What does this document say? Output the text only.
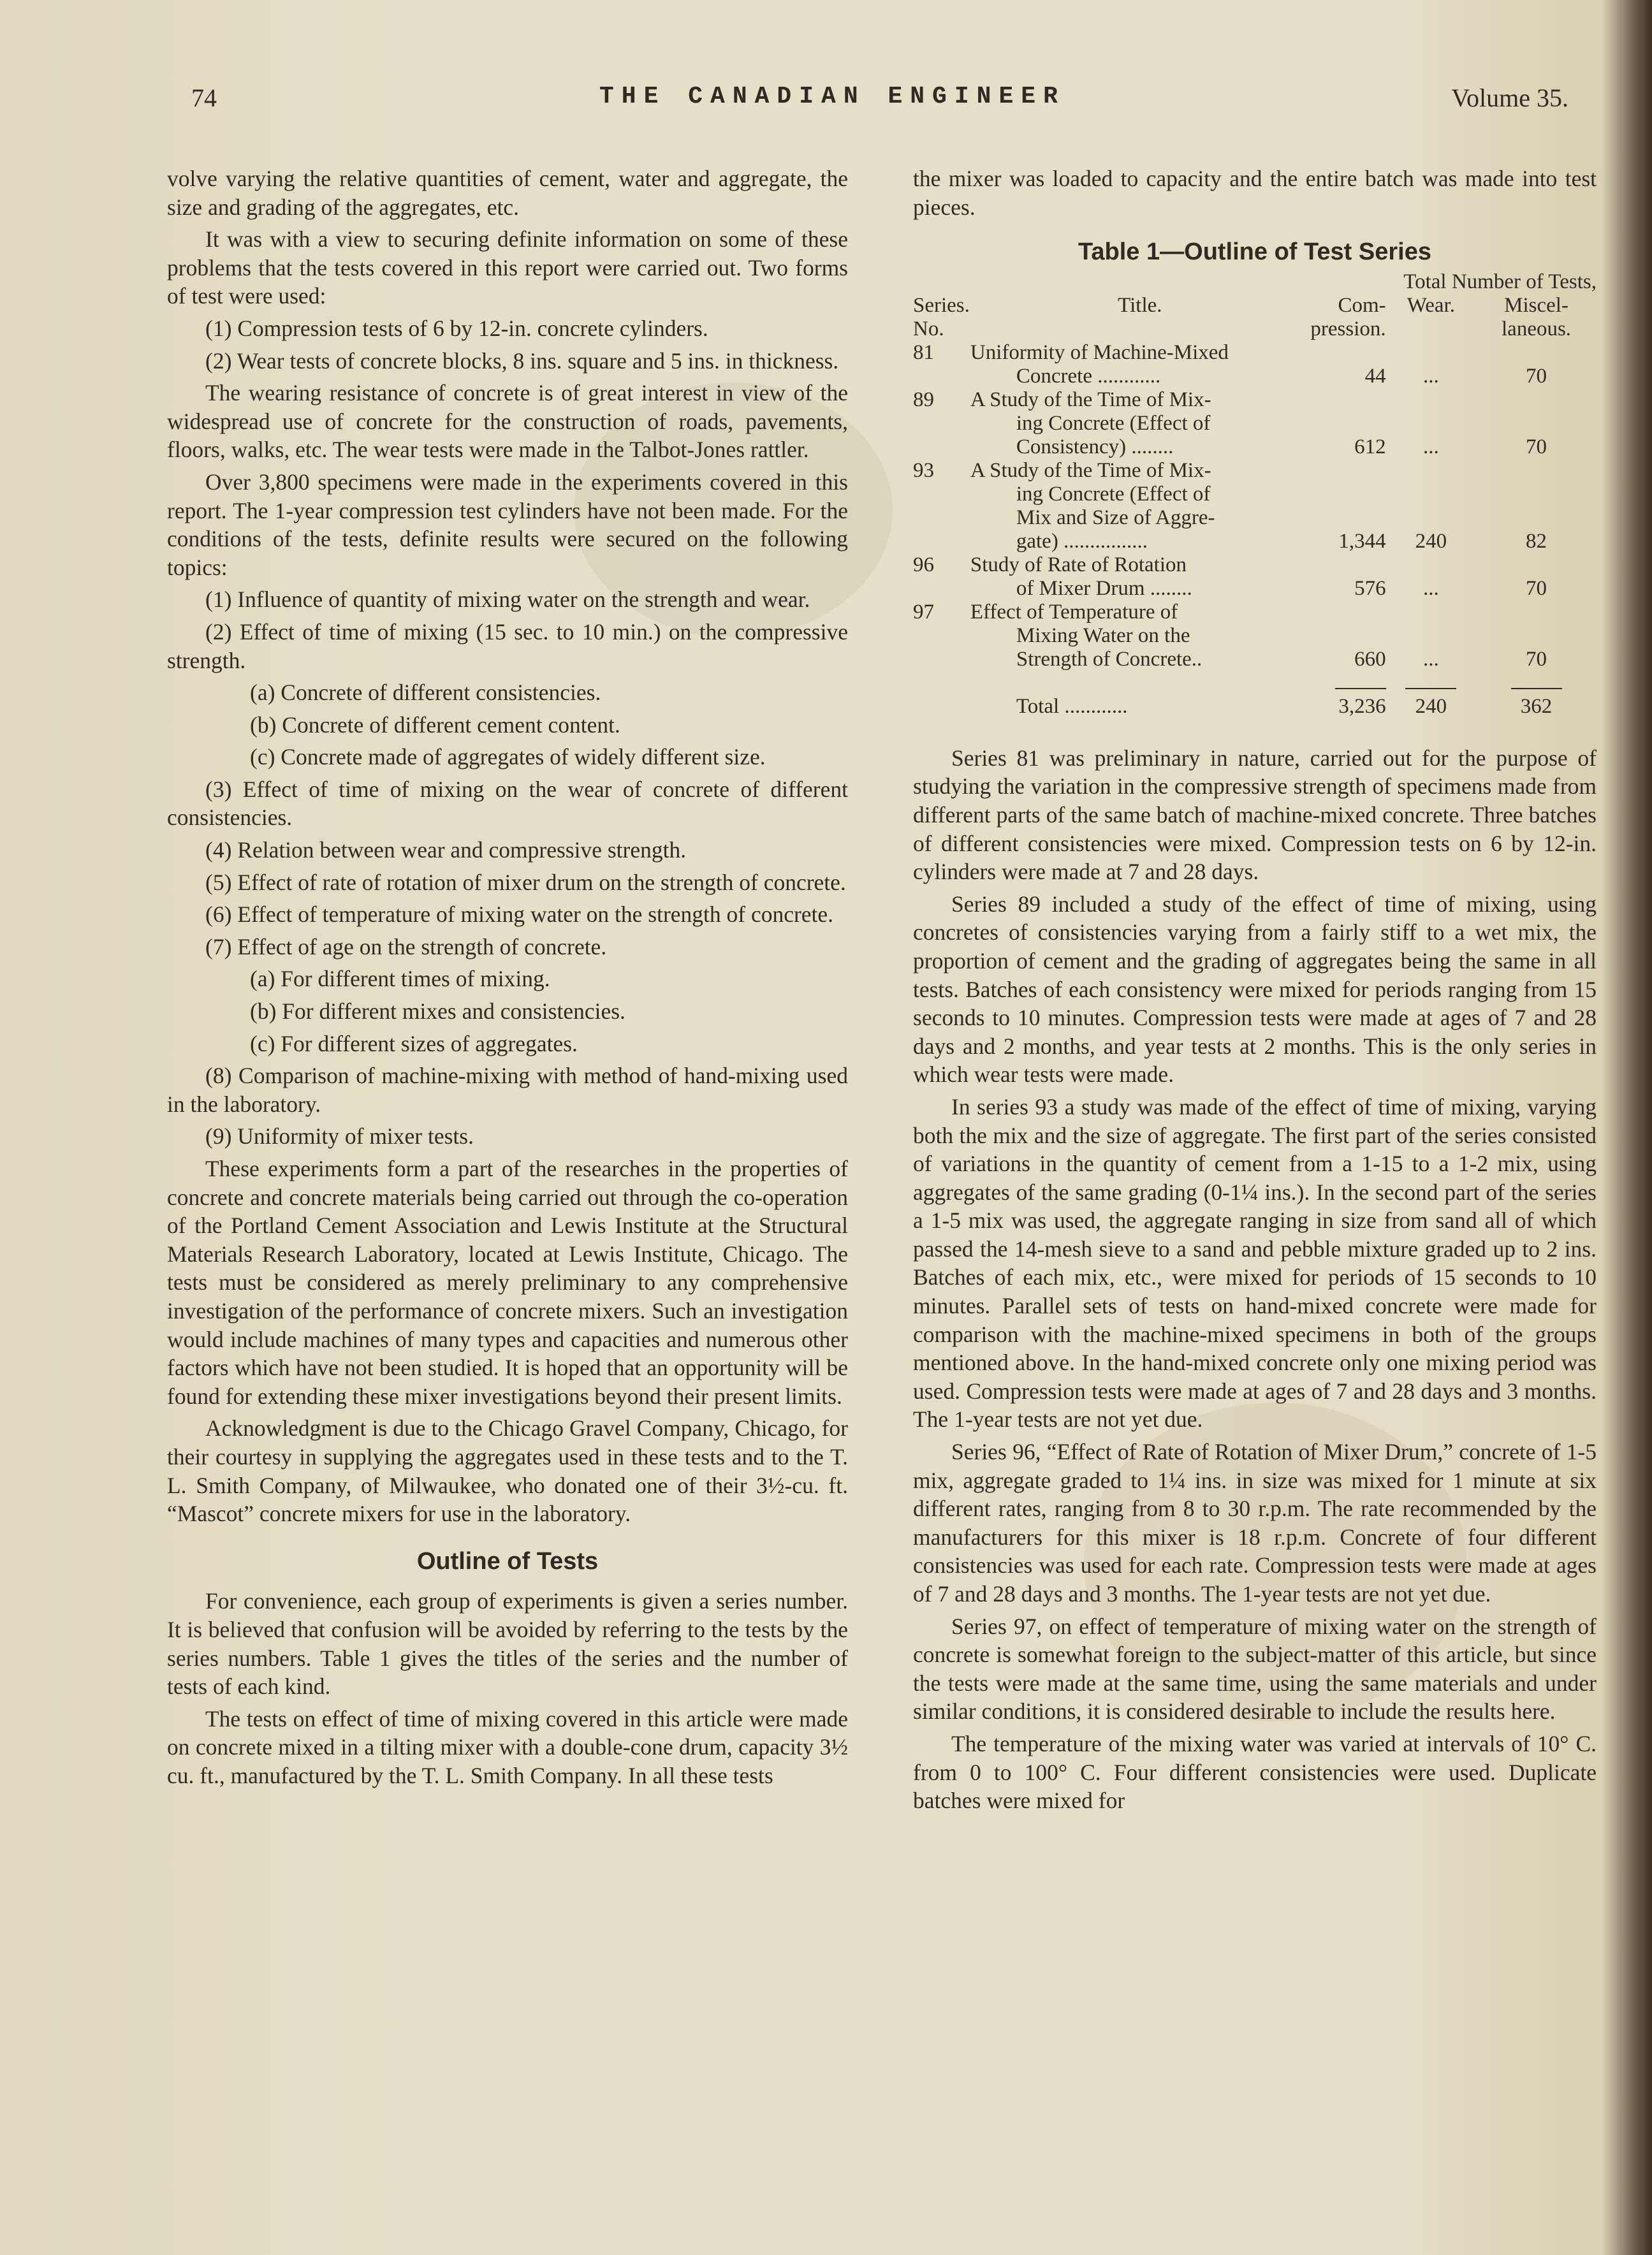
74	THE CANADIAN ENGINEER	Volume 35.

volve varying the relative quantities of cement, water and aggregate, the size and grading of the aggregates, etc.

It was with a view to securing definite information on some of these problems that the tests covered in this report were carried out. Two forms of test were used:

(1) Compression tests of 6 by 12-in. concrete cylinders.

(2) Wear tests of concrete blocks, 8 ins. square and 5 ins. in thickness.

The wearing resistance of concrete is of great interest in view of the widespread use of concrete for the construction of roads, pavements, floors, walks, etc. The wear tests were made in the Talbot-Jones rattler.

Over 3,800 specimens were made in the experiments covered in this report. The 1-year compression test cylinders have not been made. For the conditions of the tests, definite results were secured on the following topics:

(1) Influence of quantity of mixing water on the strength and wear.

(2) Effect of time of mixing (15 sec. to 10 min.) on the compressive strength.

(a) Concrete of different consistencies.

(b) Concrete of different cement content.

(c) Concrete made of aggregates of widely different size.

(3) Effect of time of mixing on the wear of concrete of different consistencies.

(4) Relation between wear and compressive strength.

(5) Effect of rate of rotation of mixer drum on the strength of concrete.

(6) Effect of temperature of mixing water on the strength of concrete.

(7) Effect of age on the strength of concrete.

(a) For different times of mixing.

(b) For different mixes and consistencies.

(c) For different sizes of aggregates.

(8) Comparison of machine-mixing with method of hand-mixing used in the laboratory.

(9) Uniformity of mixer tests.

These experiments form a part of the researches in the properties of concrete and concrete materials being carried out through the co-operation of the Portland Cement Association and Lewis Institute at the Structural Materials Research Laboratory, located at Lewis Institute, Chicago. The tests must be considered as merely preliminary to any comprehensive investigation of the performance of concrete mixers. Such an investigation would include machines of many types and capacities and numerous other factors which have not been studied. It is hoped that an opportunity will be found for extending these mixer investigations beyond their present limits.

Acknowledgment is due to the Chicago Gravel Company, Chicago, for their courtesy in supplying the aggregates used in these tests and to the T. L. Smith Company, of Milwaukee, who donated one of their 3½-cu. ft. “Mascot” concrete mixers for use in the laboratory.

Outline of Tests

For convenience, each group of experiments is given a series number. It is believed that confusion will be avoided by referring to the tests by the series numbers. Table 1 gives the titles of the series and the number of tests of each kind.

The tests on effect of time of mixing covered in this article were made on concrete mixed in a tilting mixer with a double-cone drum, capacity 3½ cu. ft., manufactured by the T. L. Smith Company. In all these tests

the mixer was loaded to capacity and the entire batch was made into test pieces.

Table 1—Outline of Test Series
		Total Number of Tests,		
Series. No.	Title.	Com- pression.	Wear.	Miscel- laneous.
81	Uniformity of Machine-Mixed			
	Concrete ............	44	...	70
89	A Study of the Time of Mix-			
	ing Concrete (Effect of			
	Consistency) ........	612	...	70
93	A Study of the Time of Mix-			
	ing Concrete (Effect of			
	Mix and Size of Aggre-			
	gate) ................	1,344	240	82
96	Study of Rate of Rotation			
	of Mixer Drum ........	576	...	70
97	Effect of Temperature of			
	Mixing Water on the			
	Strength of Concrete..	660	...	70

	Total ............	3,236	240	362

Series 81 was preliminary in nature, carried out for the purpose of studying the variation in the compressive strength of specimens made from different parts of the same batch of machine-mixed concrete. Three batches of different consistencies were mixed. Compression tests on 6 by 12-in. cylinders were made at 7 and 28 days.

Series 89 included a study of the effect of time of mixing, using concretes of consistencies varying from a fairly stiff to a wet mix, the proportion of cement and the grading of aggregates being the same in all tests. Batches of each consistency were mixed for periods ranging from 15 seconds to 10 minutes. Compression tests were made at ages of 7 and 28 days and 2 months, and year tests at 2 months. This is the only series in which wear tests were made.

In series 93 a study was made of the effect of time of mixing, varying both the mix and the size of aggregate. The first part of the series consisted of variations in the quantity of cement from a 1-15 to a 1-2 mix, using aggregates of the same grading (0-1¼ ins.). In the second part of the series a 1-5 mix was used, the aggregate ranging in size from sand all of which passed the 14-mesh sieve to a sand and pebble mixture graded up to 2 ins. Batches of each mix, etc., were mixed for periods of 15 seconds to 10 minutes. Parallel sets of tests on hand-mixed concrete were made for comparison with the machine-mixed specimens in both of the groups mentioned above. In the hand-mixed concrete only one mixing period was used. Compression tests were made at ages of 7 and 28 days and 3 months. The 1-year tests are not yet due.

Series 96, “Effect of Rate of Rotation of Mixer Drum,” concrete of 1-5 mix, aggregate graded to 1¼ ins. in size was mixed for 1 minute at six different rates, ranging from 8 to 30 r.p.m. The rate recommended by the manufacturers for this mixer is 18 r.p.m. Concrete of four different consistencies was used for each rate. Compression tests were made at ages of 7 and 28 days and 3 months. The 1-year tests are not yet due.

Series 97, on effect of temperature of mixing water on the strength of concrete is somewhat foreign to the subject-matter of this article, but since the tests were made at the same time, using the same materials and under similar conditions, it is considered desirable to include the results here.

The temperature of the mixing water was varied at intervals of 10° C. from 0 to 100° C. Four different consistencies were used. Duplicate batches were mixed for
